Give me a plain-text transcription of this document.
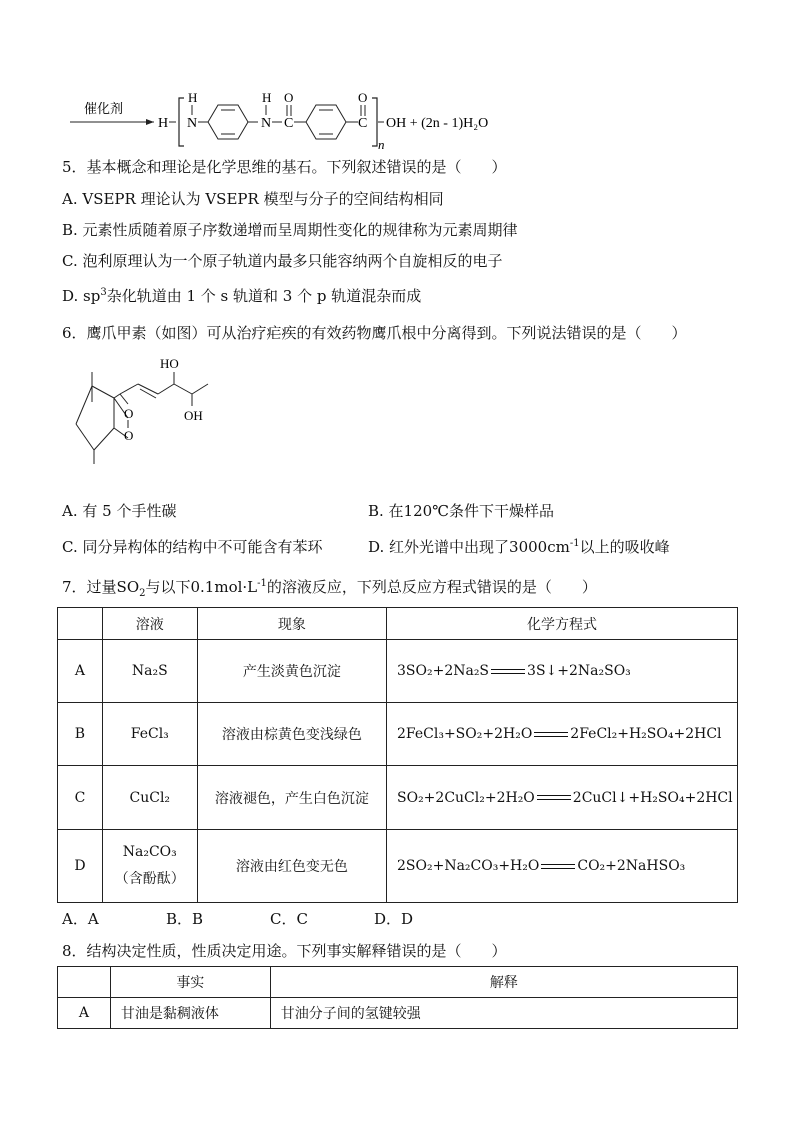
催化剂
H
H
N
H
N
O
C
O
C
n
OH + (2n - 1)H₂O
5．基本概念和理论是化学思维的基石。下列叙述错误的是（　　）
A. VSEPR 理论认为 VSEPR 模型与分子的空间结构相同
B. 元素性质随着原子序数递增而呈周期性变化的规律称为元素周期律
C. 泡利原理认为一个原子轨道内最多只能容纳两个自旋相反的电子
D. $sp^3$杂化轨道由 1 个 s 轨道和 3 个 p 轨道混杂而成
6．鹰爪甲素（如图）可从治疗疟疾的有效药物鹰爪根中分离得到。下列说法错误的是（　　）
O
O
HO
OH
A. 有 5 个手性碳	B. 在120℃条件下干燥样品
C. 同分异构体的结构中不可能含有苯环	D. 红外光谱中出现了$3000cm^{-1}$以上的吸收峰
7．过量$SO_2$与以下$0.1mol\cdot L^{-1}$的溶液反应，下列总反应方程式错误的是（　　）
	溶液	现象	化学方程式
A	Na₂S	产生淡黄色沉淀	3SO₂+2Na₂S 3S↓+2Na₂SO₃
B	FeCl₃	溶液由棕黄色变浅绿色	2FeCl₃+SO₂+2H₂O 2FeCl₂+H₂SO₄+2HCl
C	CuCl₂	溶液褪色，产生白色沉淀	SO₂+2CuCl₂+2H₂O 2CuCl↓+H₂SO₄+2HCl
D	Na₂CO₃
（含酚酞）	溶液由红色变无色	2SO₂+Na₂CO₃+H₂O CO₂+2NaHSO₃
A．A	B．B	C．C	D．D
8．结构决定性质，性质决定用途。下列事实解释错误的是（　　）
	事实	解释
A	甘油是黏稠液体	甘油分子间的氢键较强
